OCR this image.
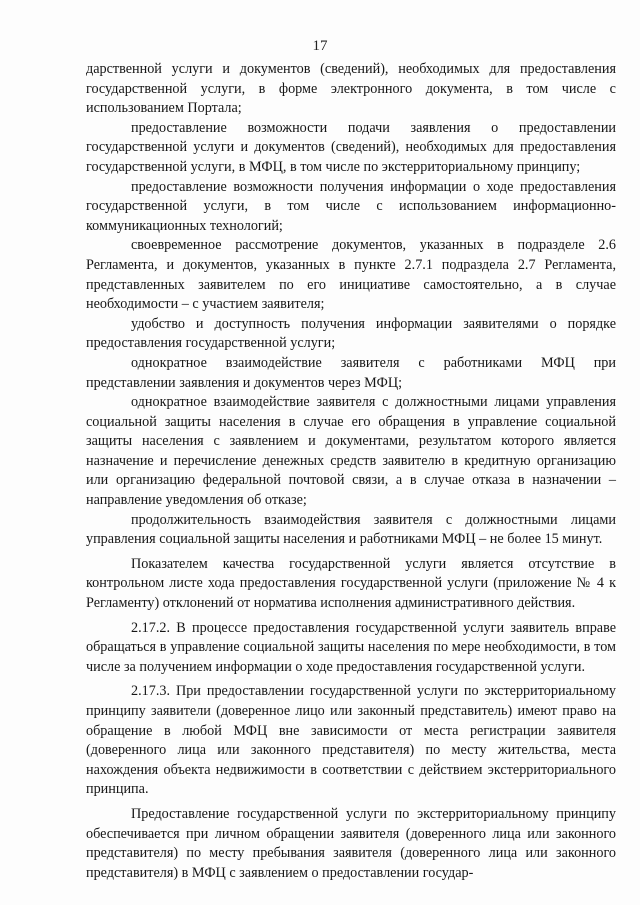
17

дарственной услуги и документов (сведений), необходимых для предоставления государственной услуги, в форме электронного документа, в том числе с использованием Портала;

предоставление возможности подачи заявления о предоставлении государственной услуги и документов (сведений), необходимых для предоставления государственной услуги, в МФЦ, в том числе по экстерриториальному принципу;

предоставление возможности получения информации о ходе предоставления государственной услуги, в том числе с использованием информационно-коммуникационных технологий;

своевременное рассмотрение документов, указанных в подразделе 2.6 Регламента, и документов, указанных в пункте 2.7.1 подраздела 2.7 Регламента, представленных заявителем по его инициативе самостоятельно, а в случае необходимости – с участием заявителя;

удобство и доступность получения информации заявителями о порядке предоставления государственной услуги;

однократное взаимодействие заявителя с работниками МФЦ при представлении заявления и документов через МФЦ;

однократное взаимодействие заявителя с должностными лицами управления социальной защиты населения в случае его обращения в управление социальной защиты населения с заявлением и документами, результатом которого является назначение и перечисление денежных средств заявителю в кредитную организацию или организацию федеральной почтовой связи, а в случае отказа в назначении – направление уведомления об отказе;

продолжительность взаимодействия заявителя с должностными лицами управления социальной защиты населения и работниками МФЦ – не более 15 минут.

Показателем качества государственной услуги является отсутствие в контрольном листе хода предоставления государственной услуги (приложение № 4 к Регламенту) отклонений от норматива исполнения административного действия.

2.17.2. В процессе предоставления государственной услуги заявитель вправе обращаться в управление социальной защиты населения по мере необходимости, в том числе за получением информации о ходе предоставления государственной услуги.

2.17.3. При предоставлении государственной услуги по экстерриториальному принципу заявители (доверенное лицо или законный представитель) имеют право на обращение в любой МФЦ вне зависимости от места регистрации заявителя (доверенного лица или законного представителя) по месту жительства, места нахождения объекта недвижимости в соответствии с действием экстерриториального принципа.

Предоставление государственной услуги по экстерриториальному принципу обеспечивается при личном обращении заявителя (доверенного лица или законного представителя) по месту пребывания заявителя (доверенного лица или законного представителя) в МФЦ с заявлением о предоставлении государ-
